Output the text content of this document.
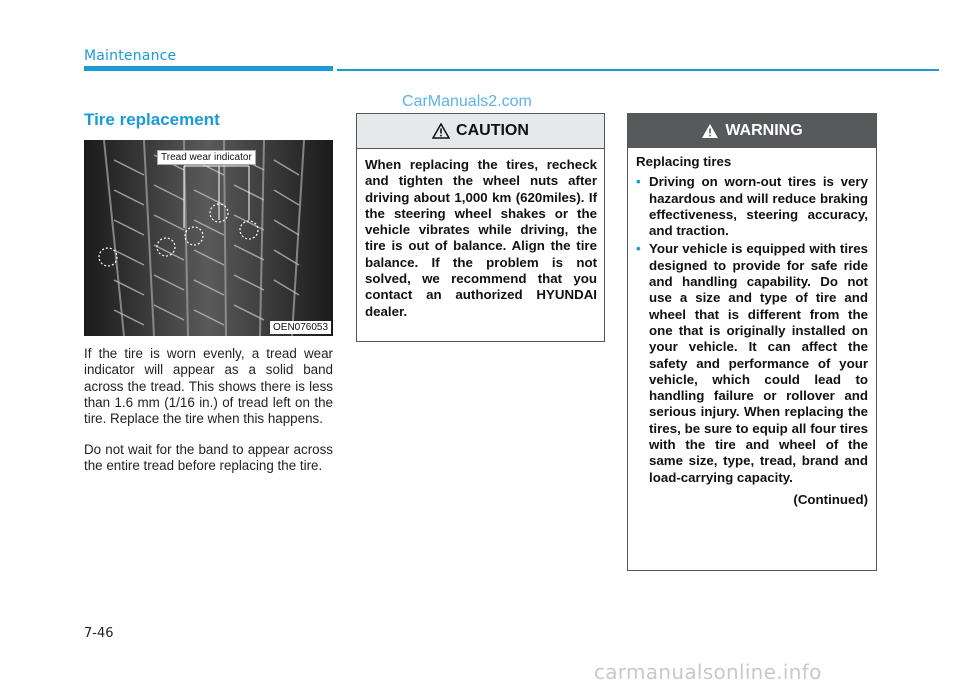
Maintenance
CarManuals2.com
Tire replacement
Tread wear indicator
OEN076053

If the tire is worn evenly, a tread wear indicator will appear as a solid band across the tread. This shows there is less than 1.6 mm (1/16 in.) of tread left on the tire. Replace the tire when this happens.

Do not wait for the band to appear across the entire tread before replacing the tire.

CAUTION

When replacing the tires, recheck and tighten the wheel nuts after driving about 1,000 km (620miles). If the steering wheel shakes or the vehicle vibrates while driving, the tire is out of balance. Align the tire balance. If the problem is not solved, we recommend that you contact an authorized HYUNDAI dealer.

WARNING

Replacing tires

• Driving on worn-out tires is very hazardous and will reduce braking effectiveness, steering accuracy, and traction.
• Your vehicle is equipped with tires designed to provide for safe ride and handling capability. Do not use a size and type of tire and wheel that is different from the one that is originally installed on your vehicle. It can affect the safety and performance of your vehicle, which could lead to handling failure or rollover and serious injury. When replacing the tires, be sure to equip all four tires with the tire and wheel of the same size, type, tread, brand and load-carrying capacity.
(Continued)
7-46
carmanualsonline.info
